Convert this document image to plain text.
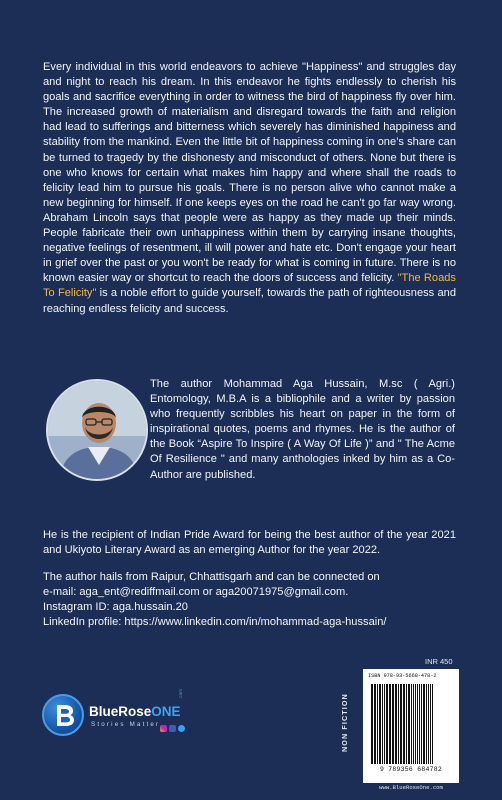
Every individual in this world endeavors to achieve "Happiness" and struggles day and night to reach his dream. In this endeavor he fights endlessly to cherish his goals and sacrifice everything in order to witness the bird of happiness fly over him. The increased growth of materialism and disregard towards the faith and religion had lead to sufferings and bitterness which severely has diminished happiness and stability from the mankind. Even the little bit of happiness coming in one’s share can be turned to tragedy by the dishonesty and misconduct of others. None but there is one who knows for certain what makes him happy and where shall the roads to felicity lead him to pursue his goals. There is no person alive who cannot make a new beginning for himself. If one keeps eyes on the road he can't go far way wrong. Abraham Lincoln says that people were as happy as they made up their minds. People fabricate their own unhappiness within them by carrying insane thoughts, negative feelings of resentment, ill will power and hate etc. Don't engage your heart in grief over the past or you won't be ready for what is coming in future. There is no known easier way or shortcut to reach the doors of success and felicity. "The Roads To Felicity" is a noble effort to guide yourself, towards the path of righteousness and reaching endless felicity and success.
The author Mohammad Aga Hussain, M.sc ( Agri.) Entomology, M.B.A is a bibliophile and a writer by passion who frequently scribbles his heart on paper in the form of inspirational quotes, poems and rhymes. He is the author of the Book “Aspire To Inspire ( A Way Of Life )” and " The Acme Of Resilience " and many anthologies inked by him as a Co-Author are published.
He is the recipient of Indian Pride Award for being the best author of the year 2021 and Ukiyoto Literary Award as an emerging Author for the year 2022.
The author hails from Raipur, Chhattisgarh and can be connected on
e-mail: aga_ent@rediffmail.com or aga20071975@gmail.com.
Instagram ID: aga.hussain.20
LinkedIn profile: https://www.linkedin.com/in/mohammad-aga-hussain/
BlueRoseONE
.com
Stories Matter	NON FICTION
INR 450
ISBN 978-93-5668-478-2
9 789356 684782
www.BlueRoseOne.com
